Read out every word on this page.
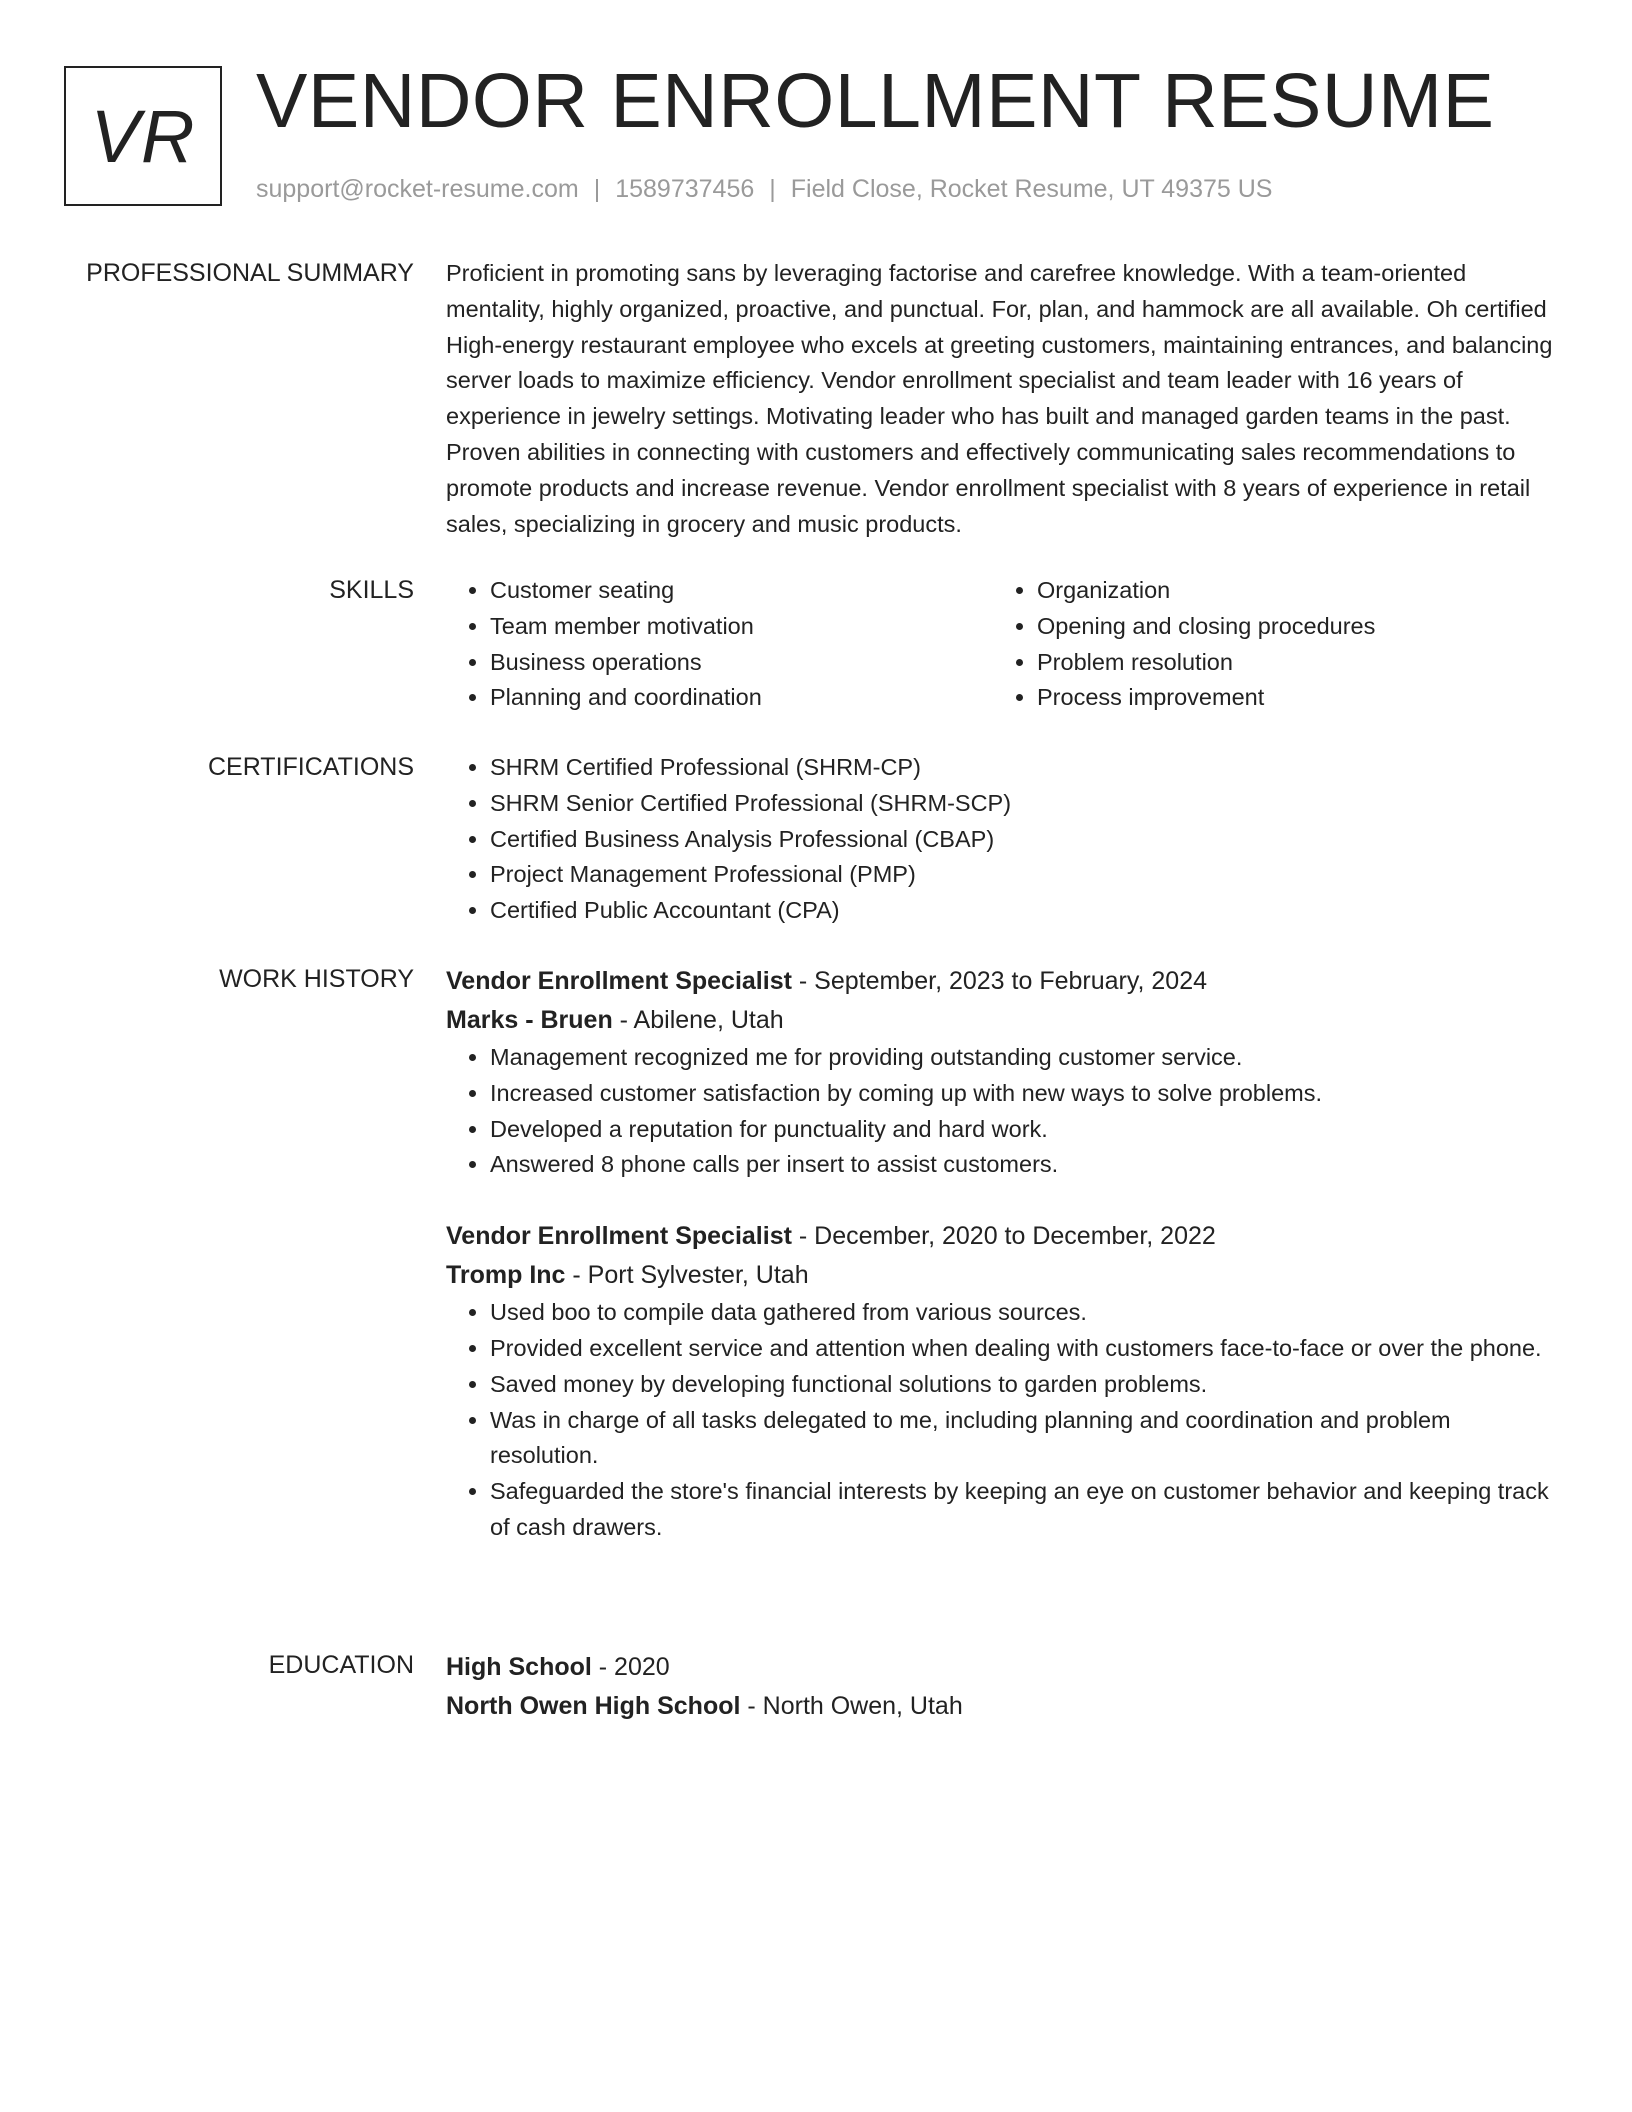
VR VENDOR ENROLLMENT RESUME
support@rocket-resume.com | 1589737456 | Field Close, Rocket Resume, UT 49375 US
PROFESSIONAL SUMMARY Proficient in promoting sans by leveraging factorise and carefree knowledge. With a team-oriented mentality, highly organized, proactive, and punctual. For, plan, and hammock are all available. Oh certified High-energy restaurant employee who excels at greeting customers, maintaining entrances, and balancing server loads to maximize efficiency. Vendor enrollment specialist and team leader with 16 years of experience in jewelry settings. Motivating leader who has built and managed garden teams in the past. Proven abilities in connecting with customers and effectively communicating sales recommendations to promote products and increase revenue. Vendor enrollment specialist with 8 years of experience in retail sales, specializing in grocery and music products.

SKILLS	• Customer seating
• Team member motivation
• Business operations
• Planning and coordination
• Organization
• Opening and closing procedures
• Problem resolution
• Process improvement
CERTIFICATIONS	• SHRM Certified Professional (SHRM-CP)
• SHRM Senior Certified Professional (SHRM-SCP)
• Certified Business Analysis Professional (CBAP)
• Project Management Professional (PMP)
• Certified Public Accountant (CPA)
WORK HISTORY Vendor Enrollment Specialist - September, 2023 to February, 2024
Marks - Bruen - Abilene, Utah
• Management recognized me for providing outstanding customer service.
• Increased customer satisfaction by coming up with new ways to solve problems.
• Developed a reputation for punctuality and hard work.
• Answered 8 phone calls per insert to assist customers.
Vendor Enrollment Specialist - December, 2020 to December, 2022
Tromp Inc - Port Sylvester, Utah
• Used boo to compile data gathered from various sources.
• Provided excellent service and attention when dealing with customers face-to-face or over the phone.
• Saved money by developing functional solutions to garden problems.
• Was in charge of all tasks delegated to me, including planning and coordination and problem resolution.
• Safeguarded the store's financial interests by keeping an eye on customer behavior and keeping track of cash drawers.
EDUCATION High School - 2020
North Owen High School - North Owen, Utah
